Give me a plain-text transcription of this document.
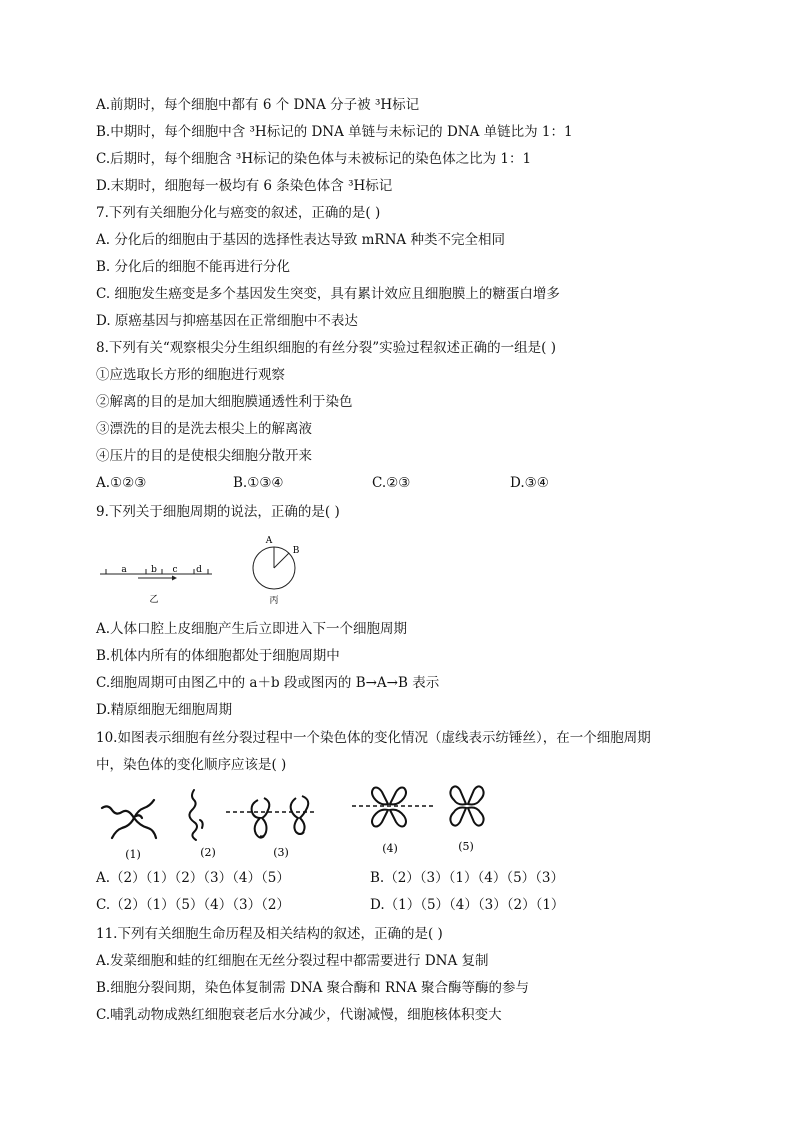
A.前期时，每个细胞中都有 6 个 DNA 分子被 ³H标记
B.中期时，每个细胞中含 ³H标记的 DNA 单链与未标记的 DNA 单链比为 1：1
C.后期时，每个细胞含 ³H标记的染色体与未被标记的染色体之比为 1：1
D.末期时，细胞每一极均有 6 条染色体含 ³H标记
7.下列有关细胞分化与癌变的叙述，正确的是( )
A. 分化后的细胞由于基因的选择性表达导致 mRNA 种类不完全相同
B. 分化后的细胞不能再进行分化
C. 细胞发生癌变是多个基因发生突变，具有累计效应且细胞膜上的糖蛋白增多
D. 原癌基因与抑癌基因在正常细胞中不表达
8.下列有关“观察根尖分生组织细胞的有丝分裂”实验过程叙述正确的一组是( )
①应选取长方形的细胞进行观察
②解离的目的是加大细胞膜通透性利于染色
③漂洗的目的是洗去根尖上的解离液
④压片的目的是使根尖细胞分散开来
A.①②③	B.①③④	C.②③	D.③④
9.下列关于细胞周期的说法，正确的是( )
a	b c d
乙
A
B
丙
A.人体口腔上皮细胞产生后立即进入下一个细胞周期
B.机体内所有的体细胞都处于细胞周期中
C.细胞周期可由图乙中的 a＋b 段或图丙的 B→A→B 表示
D.精原细胞无细胞周期
10.如图表示细胞有丝分裂过程中一个染色体的变化情况（虚线表示纺锤丝），在一个细胞周期
中，染色体的变化顺序应该是( )
(1)	(2)	(3)	(4)	(5)
A.（2）（1）（2）（3）（4）（5）	B.（2）（3）（1）（4）（5）（3）
C.（2）（1）（5）（4）（3）（2）	D.（1）（5）（4）（3）（2）（1）
11.下列有关细胞生命历程及相关结构的叙述，正确的是( )
A.发菜细胞和蛙的红细胞在无丝分裂过程中都需要进行 DNA 复制
B.细胞分裂间期，染色体复制需 DNA 聚合酶和 RNA 聚合酶等酶的参与
C.哺乳动物成熟红细胞衰老后水分减少，代谢减慢，细胞核体积变大
